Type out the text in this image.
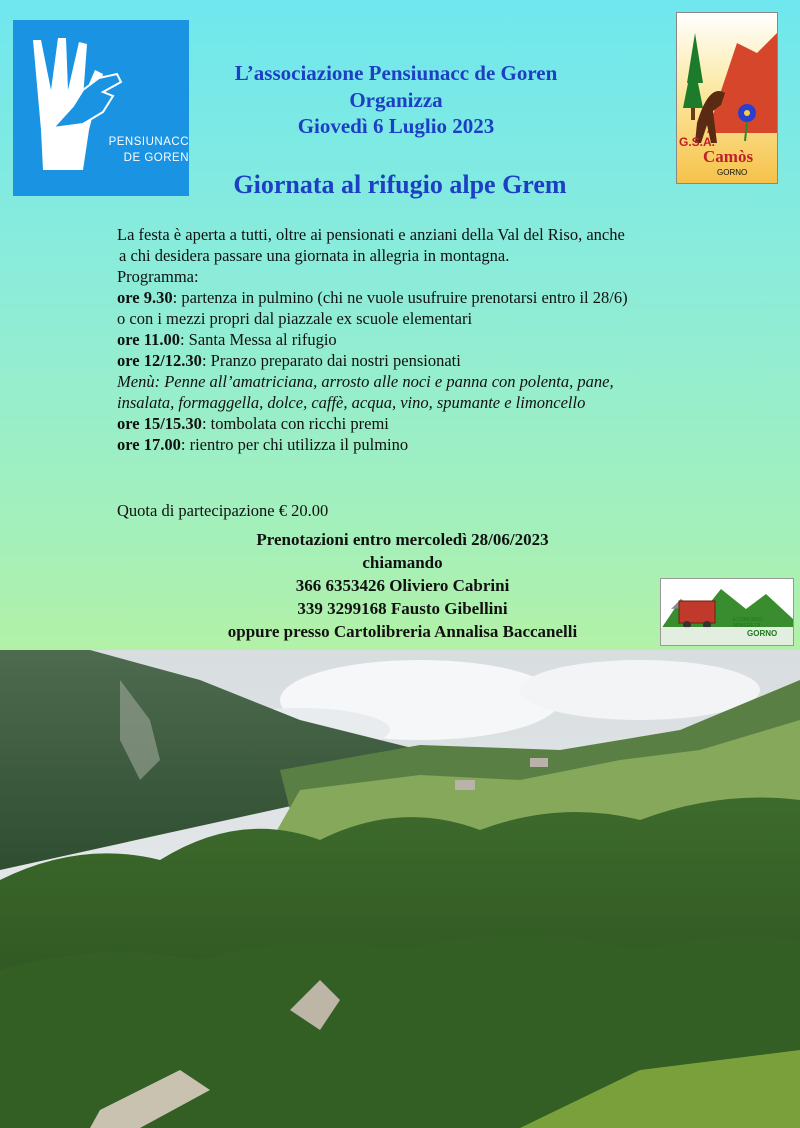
PENSIUNACC
DE GOREN
G.S.A.
Camòs
GORNO
L’associazione Pensiunacc de Goren
Organizza
Giovedì 6 Luglio 2023
Giornata al rifugio alpe Grem
La festa è aperta a tutti, oltre ai pensionati e anziani della Val del Riso, anche
a chi desidera passare una giornata in allegria in montagna.
Programma:
ore 9.30: partenza in pulmino (chi ne vuole usufruire prenotarsi entro il 28/6)
o con i mezzi propri dal piazzale ex scuole elementari
ore 11.00: Santa Messa al rifugio
ore 12/12.30: Pranzo preparato dai nostri pensionati
Menù: Penne all’amatriciana, arrosto alle noci e panna con polenta, pane,
insalata, formaggella, dolce, caffè, acqua, vino, spumante e limoncello
ore 15/15.30: tombolata con ricchi premi
ore 17.00: rientro per chi utilizza il pulmino
Quota di partecipazione € 20.00
Prenotazioni entro mercoledì 28/06/2023
chiamando
366 6353426 Oliviero Cabrini
339 3299168 Fausto Gibellini
oppure presso Cartolibreria Annalisa Baccanelli
ECOMUSEO
MINIERE DI
GORNO
